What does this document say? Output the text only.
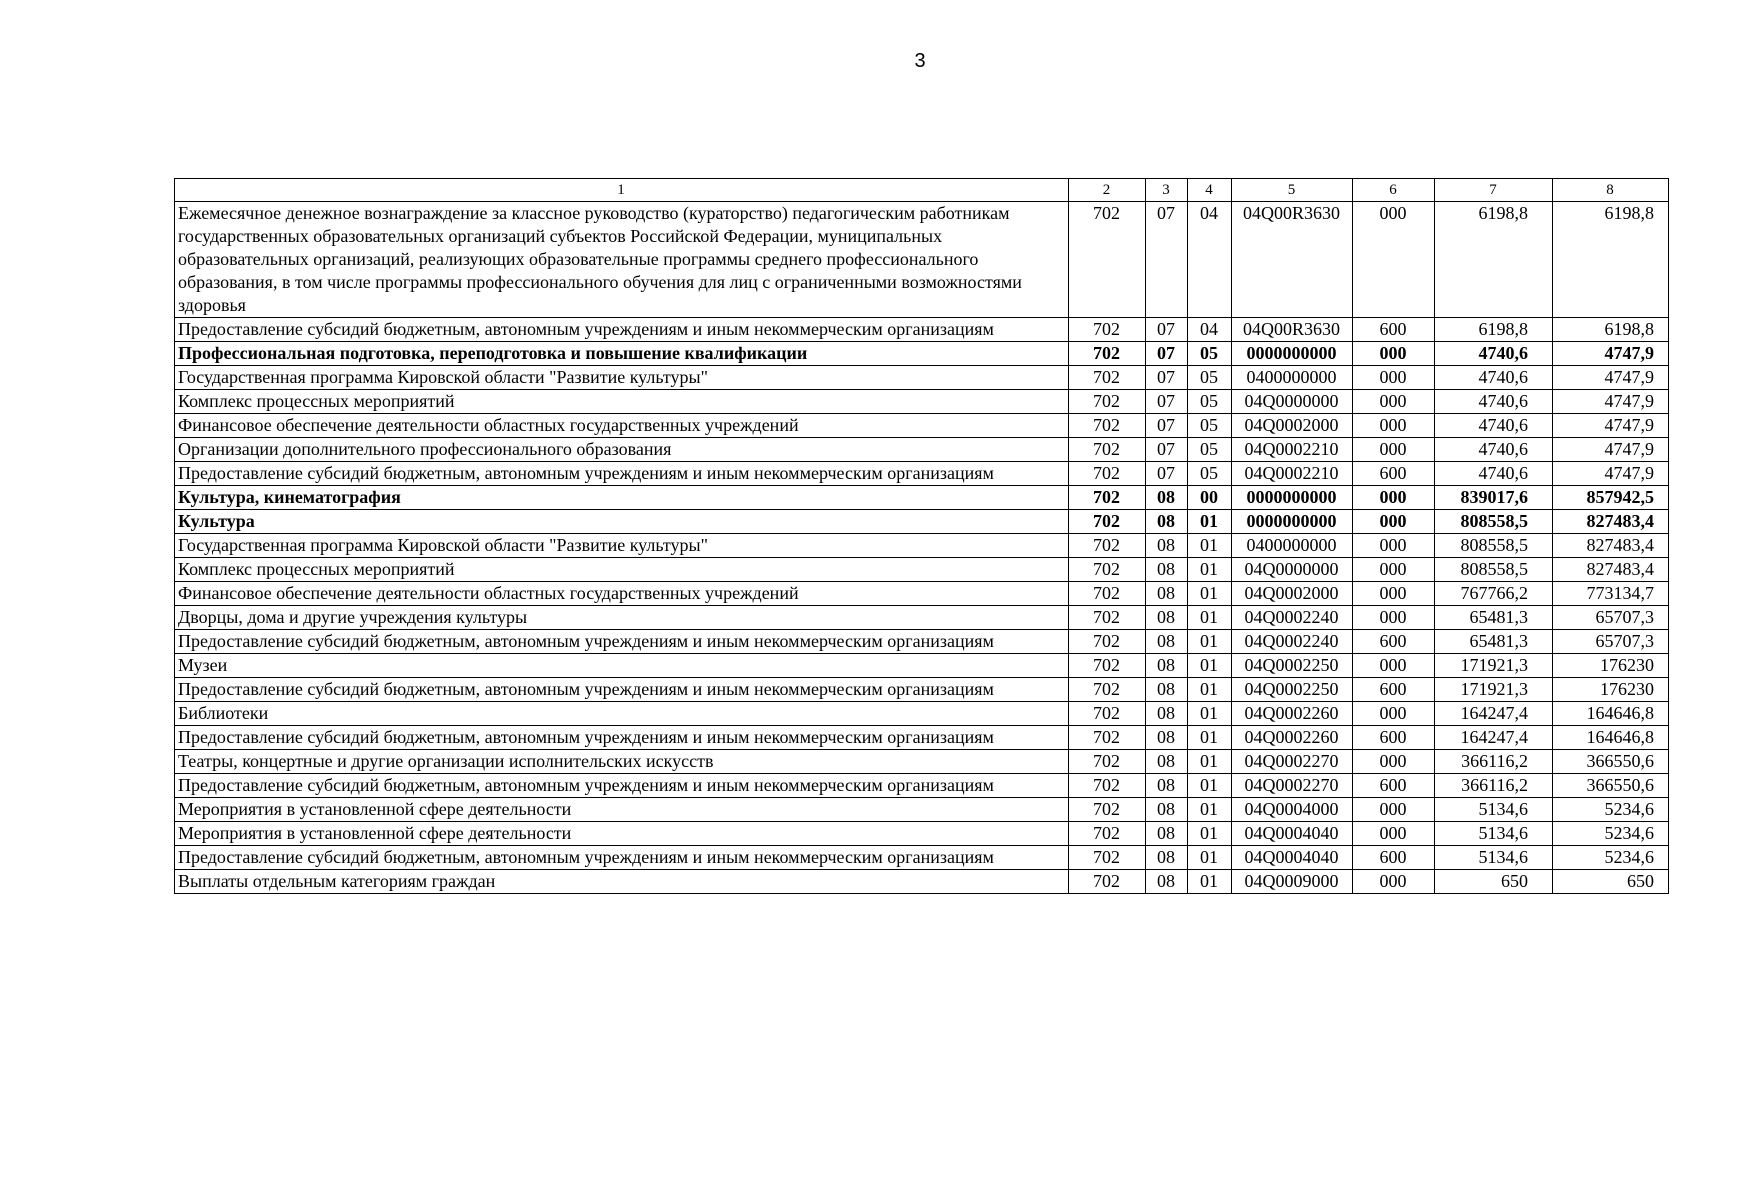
3
1	2	3	4	5	6	7	8
Ежемесячное денежное вознаграждение за классное руководство (кураторство) педагогическим работникам государственных образовательных организаций субъектов Российской Федерации, муниципальных образовательных организаций, реализующих образовательные программы среднего профессионального образования, в том числе программы профессионального обучения для лиц с ограниченными возможностями здоровья	702	07	04	04Q00R3630	000	6198,8	6198,8
Предоставление субсидий бюджетным, автономным учреждениям и иным некоммерческим организациям	702	07	04	04Q00R3630	600	6198,8	6198,8
Профессиональная подготовка, переподготовка и повышение квалификации	702	07	05	0000000000	000	4740,6	4747,9
Государственная программа Кировской области "Развитие культуры"	702	07	05	0400000000	000	4740,6	4747,9
Комплекс процессных мероприятий	702	07	05	04Q0000000	000	4740,6	4747,9
Финансовое обеспечение деятельности областных государственных учреждений	702	07	05	04Q0002000	000	4740,6	4747,9
Организации дополнительного профессионального образования	702	07	05	04Q0002210	000	4740,6	4747,9
Предоставление субсидий бюджетным, автономным учреждениям и иным некоммерческим организациям	702	07	05	04Q0002210	600	4740,6	4747,9
Культура, кинематография	702	08	00	0000000000	000	839017,6	857942,5
Культура	702	08	01	0000000000	000	808558,5	827483,4
Государственная программа Кировской области "Развитие культуры"	702	08	01	0400000000	000	808558,5	827483,4
Комплекс процессных мероприятий	702	08	01	04Q0000000	000	808558,5	827483,4
Финансовое обеспечение деятельности областных государственных учреждений	702	08	01	04Q0002000	000	767766,2	773134,7
Дворцы, дома и другие учреждения культуры	702	08	01	04Q0002240	000	65481,3	65707,3
Предоставление субсидий бюджетным, автономным учреждениям и иным некоммерческим организациям	702	08	01	04Q0002240	600	65481,3	65707,3
Музеи	702	08	01	04Q0002250	000	171921,3	176230
Предоставление субсидий бюджетным, автономным учреждениям и иным некоммерческим организациям	702	08	01	04Q0002250	600	171921,3	176230
Библиотеки	702	08	01	04Q0002260	000	164247,4	164646,8
Предоставление субсидий бюджетным, автономным учреждениям и иным некоммерческим организациям	702	08	01	04Q0002260	600	164247,4	164646,8
Театры, концертные и другие организации исполнительских искусств	702	08	01	04Q0002270	000	366116,2	366550,6
Предоставление субсидий бюджетным, автономным учреждениям и иным некоммерческим организациям	702	08	01	04Q0002270	600	366116,2	366550,6
Мероприятия в установленной сфере деятельности	702	08	01	04Q0004000	000	5134,6	5234,6
Мероприятия в установленной сфере деятельности	702	08	01	04Q0004040	000	5134,6	5234,6
Предоставление субсидий бюджетным, автономным учреждениям и иным некоммерческим организациям	702	08	01	04Q0004040	600	5134,6	5234,6
Выплаты отдельным категориям граждан	702	08	01	04Q0009000	000	650	650
